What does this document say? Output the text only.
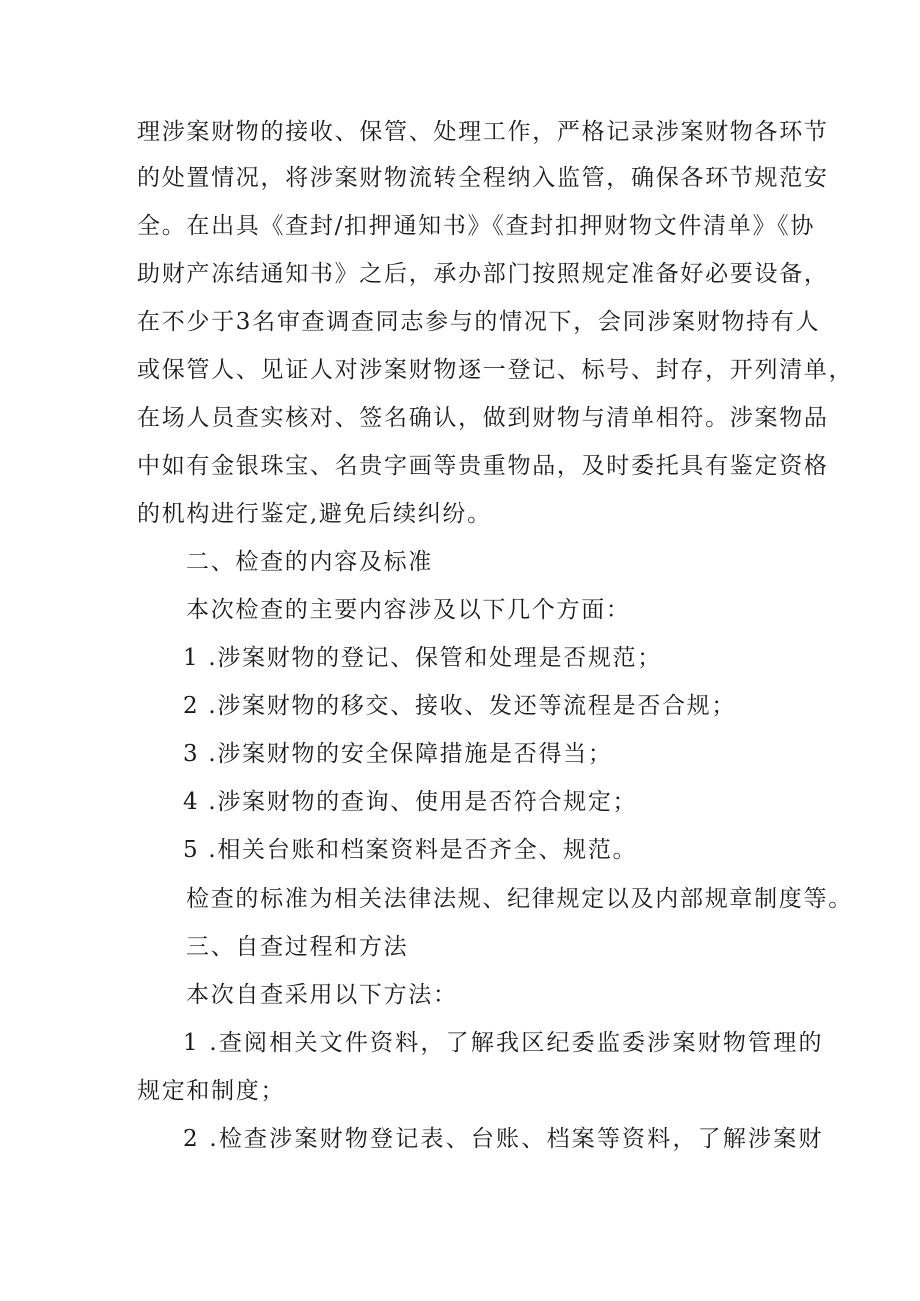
理涉案财物的接收、保管、处理工作，严格记录涉案财物各环节
的处置情况，将涉案财物流转全程纳入监管，确保各环节规范安
全。在出具《查封/扣押通知书》《查封扣押财物文件清单》《协
助财产冻结通知书》之后，承办部门按照规定准备好必要设备，
在不少于3名审查调查同志参与的情况下，会同涉案财物持有人
或保管人、见证人对涉案财物逐一登记、标号、封存，开列清单，
在场人员查实核对、签名确认，做到财物与清单相符。涉案物品
中如有金银珠宝、名贵字画等贵重物品，及时委托具有鉴定资格
的机构进行鉴定,避免后续纠纷。
二、检查的内容及标准
本次检查的主要内容涉及以下几个方面：
1 .涉案财物的登记、保管和处理是否规范；
2 .涉案财物的移交、接收、发还等流程是否合规；
3 .涉案财物的安全保障措施是否得当；
4 .涉案财物的查询、使用是否符合规定；
5 .相关台账和档案资料是否齐全、规范。
检查的标准为相关法律法规、纪律规定以及内部规章制度等。
三、自查过程和方法
本次自查采用以下方法：
1 .查阅相关文件资料，了解我区纪委监委涉案财物管理的
规定和制度；
2 .检查涉案财物登记表、台账、档案等资料，了解涉案财
